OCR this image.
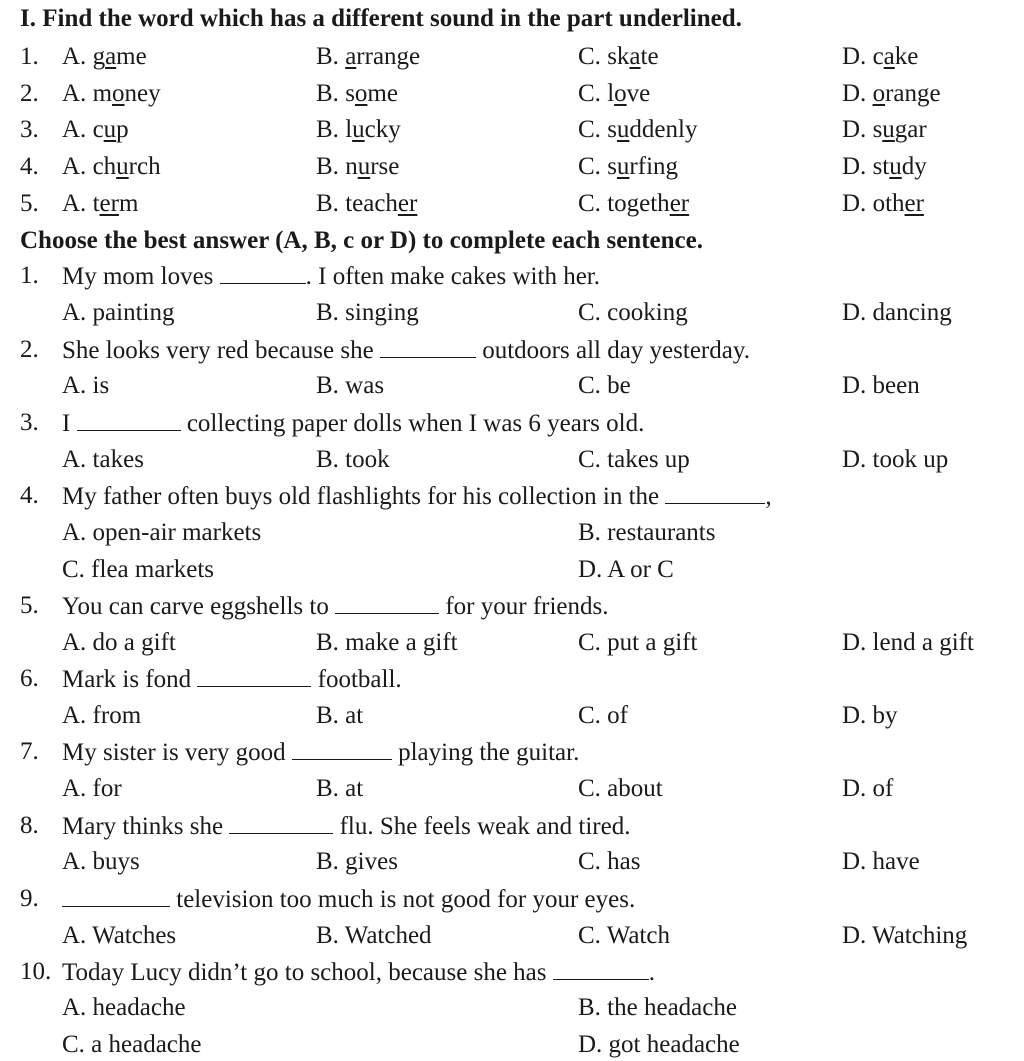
I. Find the word which has a different sound in the part underlined.
1. A. game	B. arrange	C. skate	D. cake
2. A. money	B. some	C. love	D. orange
3. A. cup	B. lucky	C. suddenly	D. sugar
4. A. church	B. nurse	C. surfing	D. study
5. A. term	B. teacher	C. together	D. other
Choose the best answer (A, B, c or D) to complete each sentence.
1. My mom loves	. I often make cakes with her.
A. painting	B. singing	C. cooking	D. dancing
2. She looks very red because she	outdoors all day yesterday.
A. is	B. was	C. be	D. been
3. I	collecting paper dolls when I was 6 years old.
A. takes	B. took	C. takes up	D. took up
4. My father often buys old flashlights for his collection in the	,
A. open-air markets	B. restaurants
C. flea markets	D. A or C
5. You can carve eggshells to	for your friends.
A. do a gift	B. make a gift	C. put a gift	D. lend a gift
6. Mark is fond	football.
A. from	B. at	C. of	D. by
7. My sister is very good	playing the guitar.
A. for	B. at	C. about	D. of
8. Mary thinks she	flu. She feels weak and tired.
A. buys	B. gives	C. has	D. have
9.	television too much is not good for your eyes.
A. Watches	B. Watched	C. Watch	D. Watching
10. Today Lucy didn’t go to school, because she has	.
A. headache	B. the headache
C. a headache	D. got headache
